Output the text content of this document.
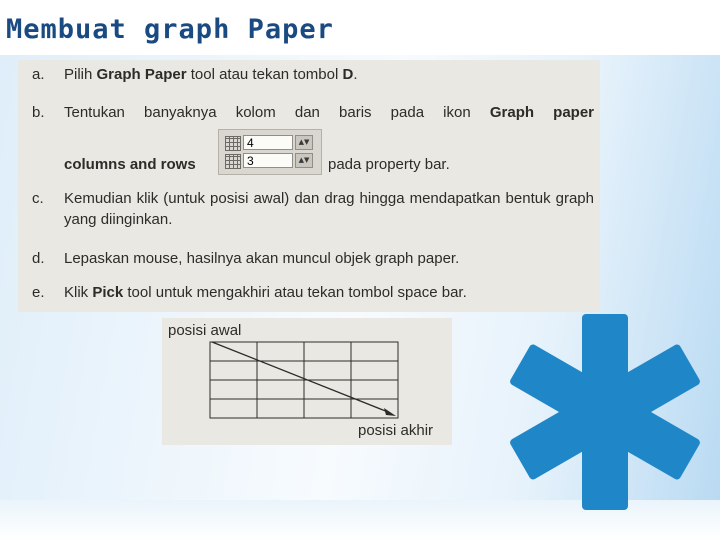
Membuat graph Paper
a. Pilih Graph Paper tool atau tekan tombol D.
b. Tentukan banyaknya kolom dan baris pada ikon Graph paper
columns and rows	pada property bar.
4	▲▼
3	▲▼
c. Kemudian klik (untuk posisi awal) dan drag hingga mendapatkan bentuk graph yang diinginkan.
d. Lepaskan mouse, hasilnya akan muncul objek graph paper.
e. Klik Pick tool untuk mengakhiri atau tekan tombol space bar.
posisi awal
posisi akhir
